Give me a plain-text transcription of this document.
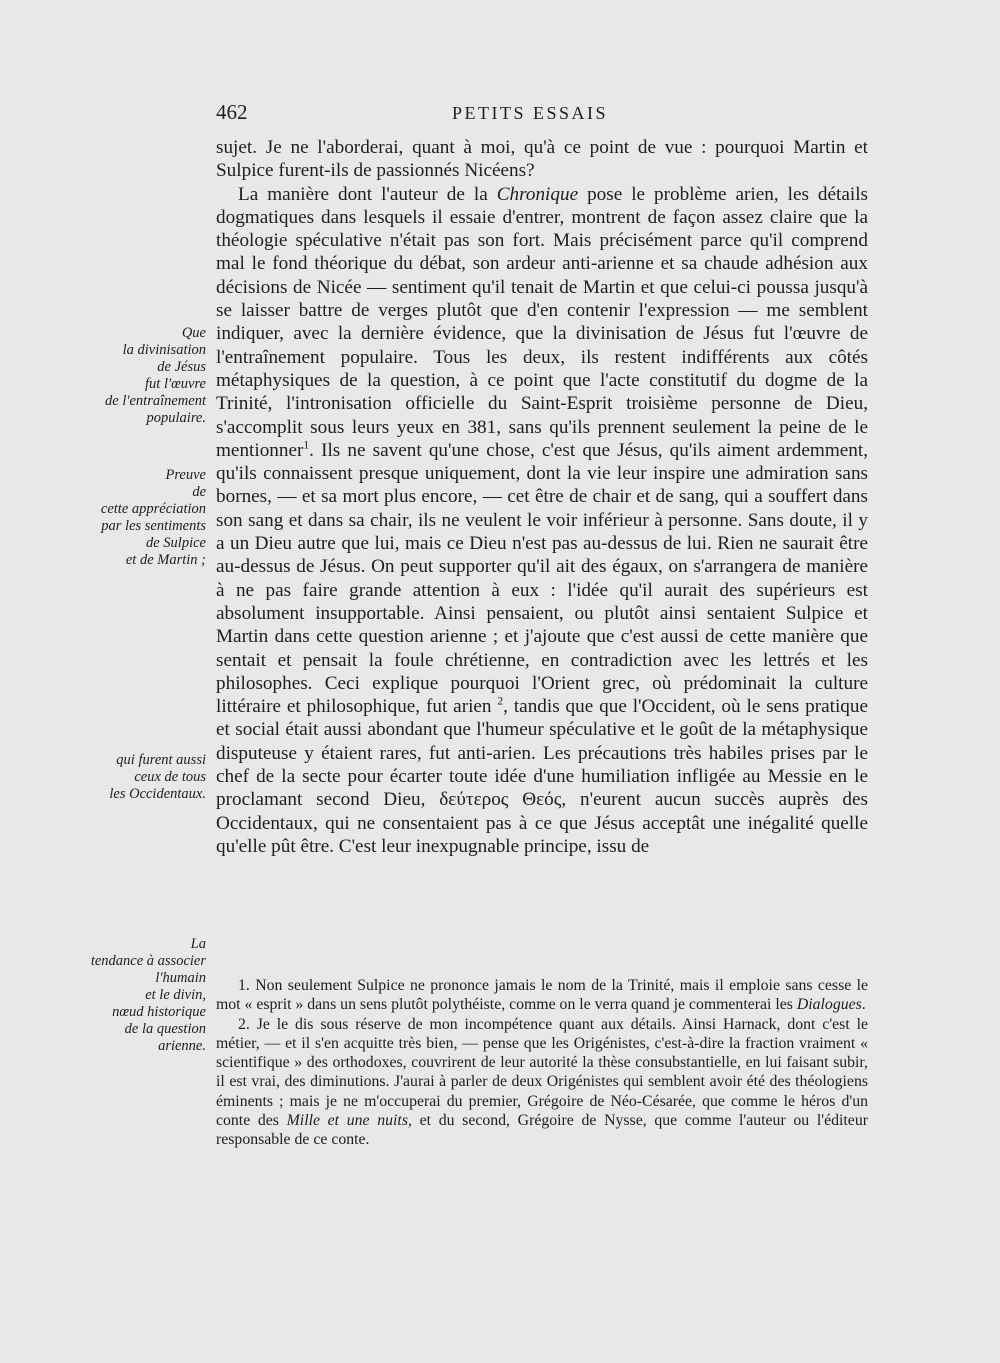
462	PETITS ESSAIS
Que
la divinisation
de Jésus
fut l'œuvre
de l'entraînement
populaire.
Preuve
de
cette appréciation
par les sentiments
de Sulpice
et de Martin ;
qui furent aussi
ceux de tous
les Occidentaux.
La
tendance à associer
l'humain
et le divin,
nœud historique
de la question
arienne.

sujet. Je ne l'aborderai, quant à moi, qu'à ce point de vue : pourquoi Martin et Sulpice furent-ils de passionnés Nicéens?

La manière dont l'auteur de la Chronique pose le problème arien, les détails dogmatiques dans lesquels il essaie d'entrer, montrent de façon assez claire que la théologie spéculative n'était pas son fort. Mais précisément parce qu'il comprend mal le fond théorique du débat, son ardeur anti-arienne et sa chaude adhésion aux décisions de Nicée — sentiment qu'il tenait de Martin et que celui-ci poussa jusqu'à se laisser battre de verges plutôt que d'en contenir l'expression — me semblent indiquer, avec la dernière évidence, que la divinisation de Jésus fut l'œuvre de l'entraînement populaire. Tous les deux, ils restent indifférents aux côtés métaphysiques de la question, à ce point que l'acte constitutif du dogme de la Trinité, l'intronisation officielle du Saint-Esprit troisième personne de Dieu, s'accomplit sous leurs yeux en 381, sans qu'ils prennent seulement la peine de le mentionner$^1$. Ils ne savent qu'une chose, c'est que Jésus, qu'ils aiment ardemment, qu'ils connaissent presque uniquement, dont la vie leur inspire une admiration sans bornes, — et sa mort plus encore, — cet être de chair et de sang, qui a souffert dans son sang et dans sa chair, ils ne veulent le voir inférieur à personne. Sans doute, il y a un Dieu autre que lui, mais ce Dieu n'est pas au-dessus de lui. Rien ne saurait être au-dessus de Jésus. On peut supporter qu'il ait des égaux, on s'arrangera de manière à ne pas faire grande attention à eux : l'idée qu'il aurait des supérieurs est absolument insupportable. Ainsi pensaient, ou plutôt ainsi sentaient Sulpice et Martin dans cette question arienne ; et j'ajoute que c'est aussi de cette manière que sentait et pensait la foule chrétienne, en contradiction avec les lettrés et les philosophes. Ceci explique pourquoi l'Orient grec, où prédominait la culture littéraire et philosophique, fut arien $^2$, tandis que que l'Occident, où le sens pratique et social était aussi abondant que l'humeur spéculative et le goût de la métaphysique disputeuse y étaient rares, fut anti-arien. Les précautions très habiles prises par le chef de la secte pour écarter toute idée d'une humiliation infligée au Messie en le proclamant second Dieu, δεύτερος Θεός, n'eurent aucun succès auprès des Occidentaux, qui ne consentaient pas à ce que Jésus acceptât une inégalité quelle qu'elle pût être. C'est leur inexpugnable principe, issu de

1. Non seulement Sulpice ne prononce jamais le nom de la Trinité, mais il emploie sans cesse le mot « esprit » dans un sens plutôt polythéiste, comme on le verra quand je commenterai les Dialogues.

2. Je le dis sous réserve de mon incompétence quant aux détails. Ainsi Harnack, dont c'est le métier, — et il s'en acquitte très bien, — pense que les Origénistes, c'est-à-dire la fraction vraiment « scientifique » des orthodoxes, couvrirent de leur autorité la thèse consubstantielle, en lui faisant subir, il est vrai, des diminutions. J'aurai à parler de deux Origénistes qui semblent avoir été des théologiens éminents ; mais je ne m'occuperai du premier, Grégoire de Néo-Césarée, que comme le héros d'un conte des Mille et une nuits, et du second, Grégoire de Nysse, que comme l'auteur ou l'éditeur responsable de ce conte.
